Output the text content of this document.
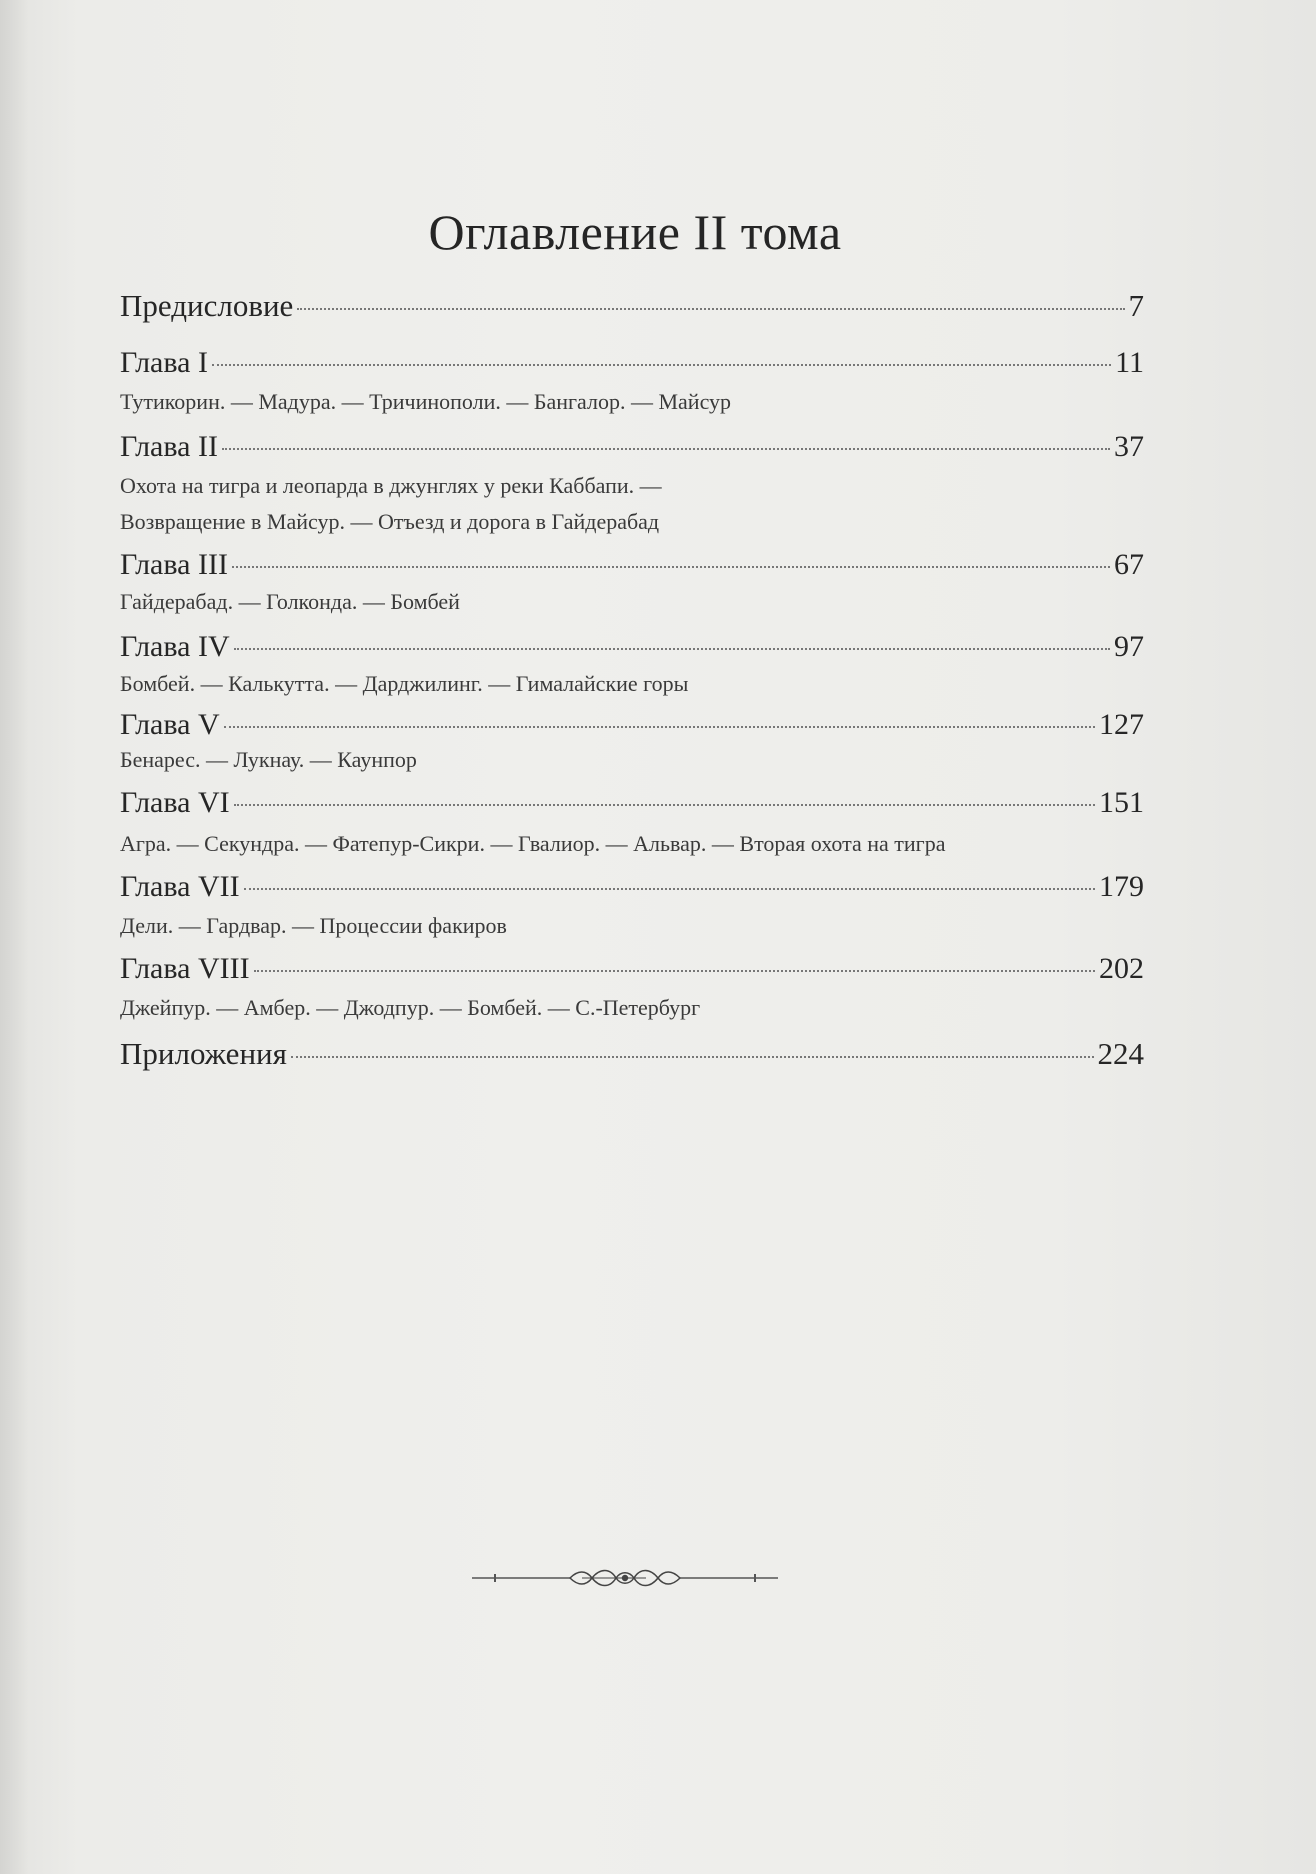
Оглавление II тома
Предисловие	7
Глава I	11
Тутикорин. — Мадура. — Тричинополи. — Бангалор. — Майсур
Глава II	37
Охота на тигра и леопарда в джунглях у реки Каббапи. —
Возвращение в Майсур. — Отъезд и дорога в Гайдерабад
Глава III	67
Гайдерабад. — Голконда. — Бомбей
Глава IV	97
Бомбей. — Калькутта. — Дарджилинг. — Гималайские горы
Глава V	127
Бенарес. — Лукнау. — Каунпор
Глава VI	151
Агра. — Секундра. — Фатепур-Сикри. — Гвалиор. — Альвар. — Вторая охота на тигра
Глава VII	179
Дели. — Гардвар. — Процессии факиров
Глава VIII	202
Джейпур. — Амбер. — Джодпур. — Бомбей. — С.-Петербург
Приложения	224
